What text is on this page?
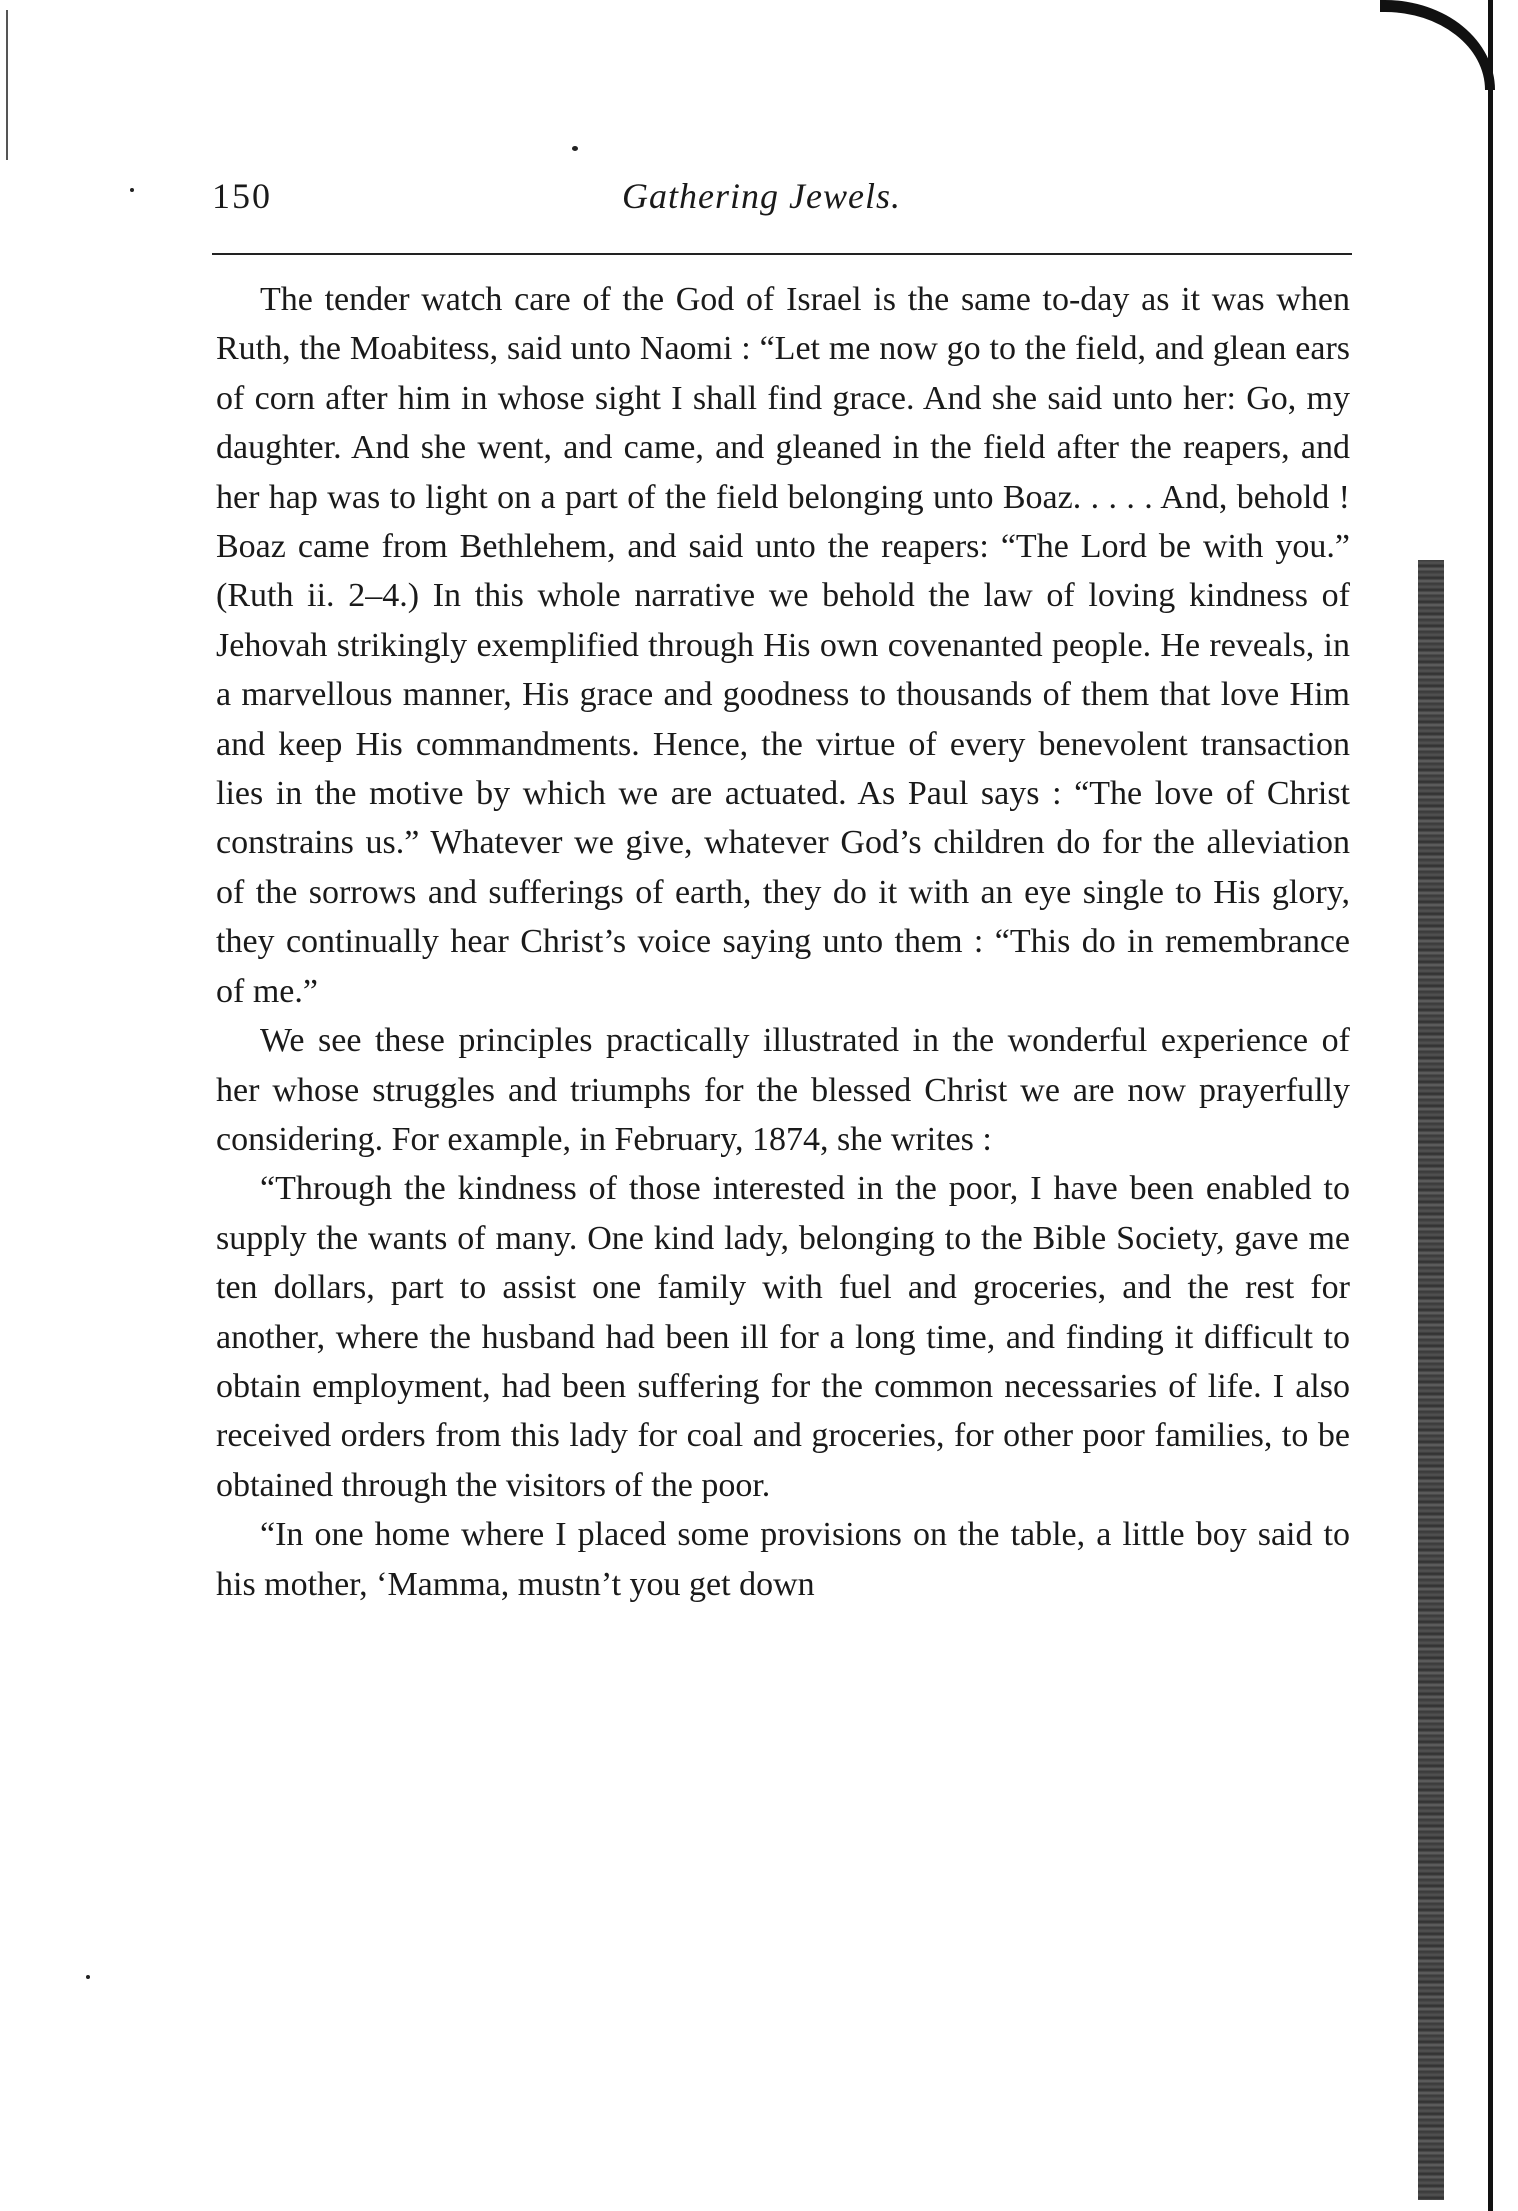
150	Gathering Jewels.

The tender watch care of the God of Israel is the same to-day as it was when Ruth, the Moabitess, said unto Naomi : “Let me now go to the field, and glean ears of corn after him in whose sight I shall find grace. And she said unto her: Go, my daughter. And she went, and came, and gleaned in the field after the reapers, and her hap was to light on a part of the field belonging unto Boaz. . . . . And, behold ! Boaz came from Bethlehem, and said unto the reapers: “The Lord be with you.” (Ruth ii. 2–4.) In this whole narrative we behold the law of loving kindness of Jehovah strikingly exemplified through His own covenanted people. He reveals, in a marvellous manner, His grace and goodness to thousands of them that love Him and keep His commandments. Hence, the virtue of every benevolent transaction lies in the motive by which we are actuated. As Paul says : “The love of Christ constrains us.” Whatever we give, whatever God’s children do for the alleviation of the sorrows and sufferings of earth, they do it with an eye single to His glory, they continually hear Christ’s voice saying unto them : “This do in remembrance of me.”

We see these principles practically illustrated in the wonderful experience of her whose struggles and triumphs for the blessed Christ we are now prayerfully considering. For example, in February, 1874, she writes :

“Through the kindness of those interested in the poor, I have been enabled to supply the wants of many. One kind lady, belonging to the Bible Society, gave me ten dollars, part to assist one family with fuel and groceries, and the rest for another, where the husband had been ill for a long time, and finding it difficult to obtain employment, had been suffering for the common necessaries of life. I also received orders from this lady for coal and groceries, for other poor families, to be obtained through the visitors of the poor.

“In one home where I placed some provisions on the table, a little boy said to his mother, ‘Mamma, mustn’t you get down
